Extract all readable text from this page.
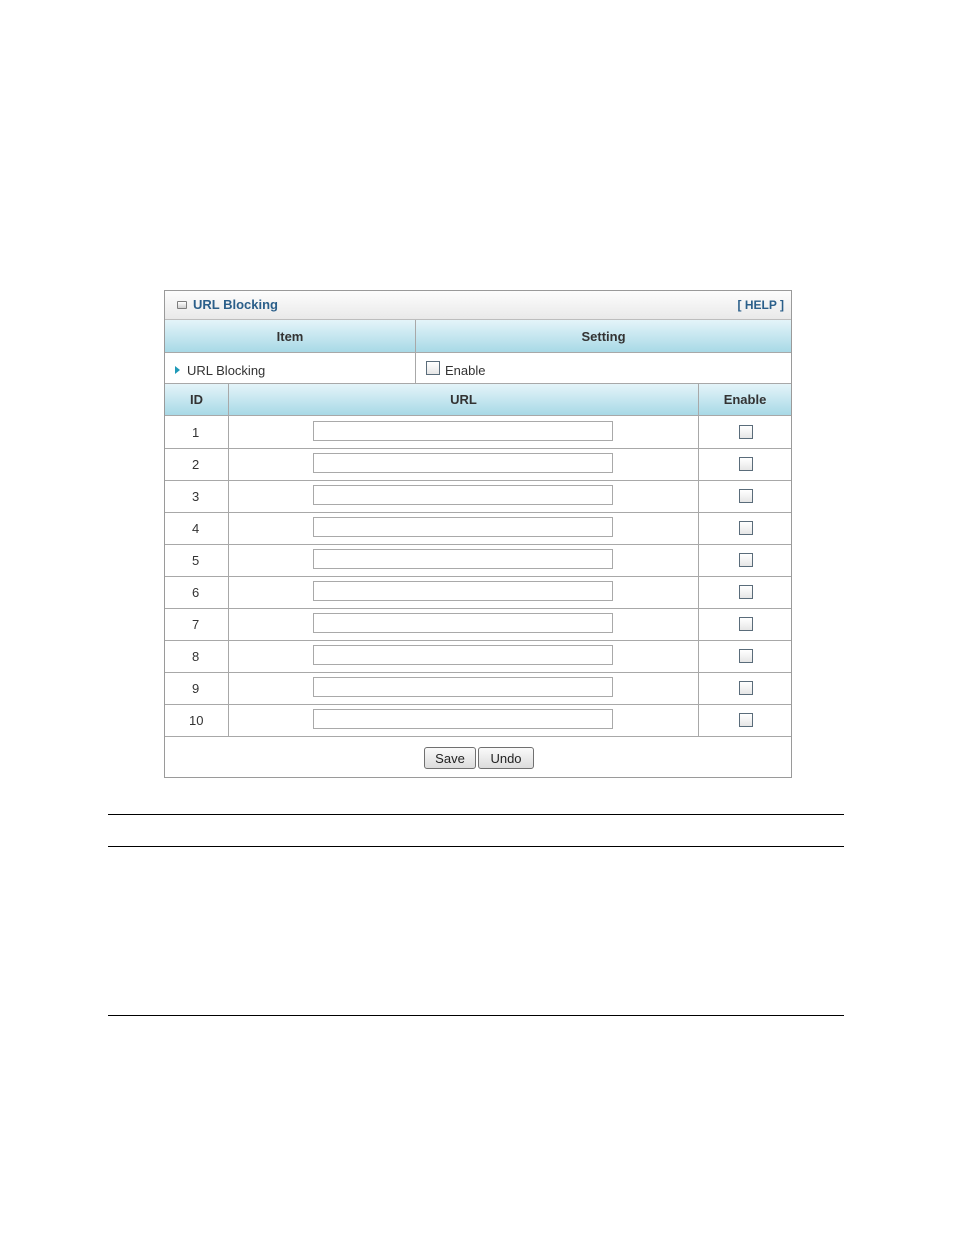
URL Blocking	[ HELP ]
Item	Setting
URL Blocking	Enable
ID	URL	Enable
1
2
3
4
5
6
7
8
9
10
Save	Undo
